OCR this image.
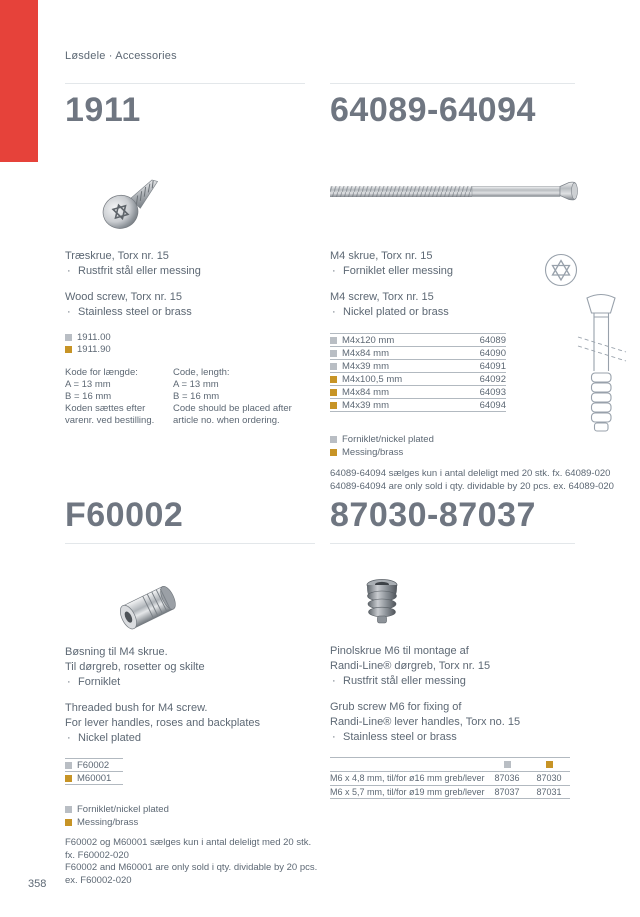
Løsdele · Accessories
1911
Træskrue, Torx nr. 15
· Rustfrit stål eller messing
Wood screw, Torx nr. 15
· Stainless steel or brass
1911.00
1911.90
Kode for længde:
A = 13 mm
B = 16 mm
Koden sættes efter
varenr. ved bestilling.
Code, length:
A = 13 mm
B = 16 mm
Code should be placed after
article no. when ordering.
64089-64094
M4 skrue, Torx nr. 15
· Forniklet eller messing
M4 screw, Torx nr. 15
· Nickel plated or brass
M4x120 mm	64089
M4x84 mm	64090
M4x39 mm	64091
M4x100,5 mm	64092
M4x84 mm	64093
M4x39 mm	64094
Forniklet/nickel plated
Messing/brass
64089-64094 sælges kun i antal deleligt med 20 stk. fx. 64089-020
64089-64094 are only sold i qty. dividable by 20 pcs. ex. 64089-020
F60002
Bøsning til M4 skrue.
Til dørgreb, rosetter og skilte
· Forniklet
Threaded bush for M4 screw.
For lever handles, roses and backplates
· Nickel plated
F60002
M60001
Forniklet/nickel plated
Messing/brass
F60002 og M60001 sælges kun i antal deleligt med 20 stk.
fx. F60002-020
F60002 and M60001 are only sold i qty. dividable by 20 pcs.
ex. F60002-020
87030-87037
Pinolskrue M6 til montage af
Randi-Line® dørgreb, Torx nr. 15
· Rustfrit stål eller messing
Grub screw M6 for fixing of
Randi-Line® lever handles, Torx no. 15
· Stainless steel or brass
M6 x 4,8 mm, til/for ø16 mm greb/lever	87036	87030
M6 x 5,7 mm, til/for ø19 mm greb/lever	87037	87031
358
